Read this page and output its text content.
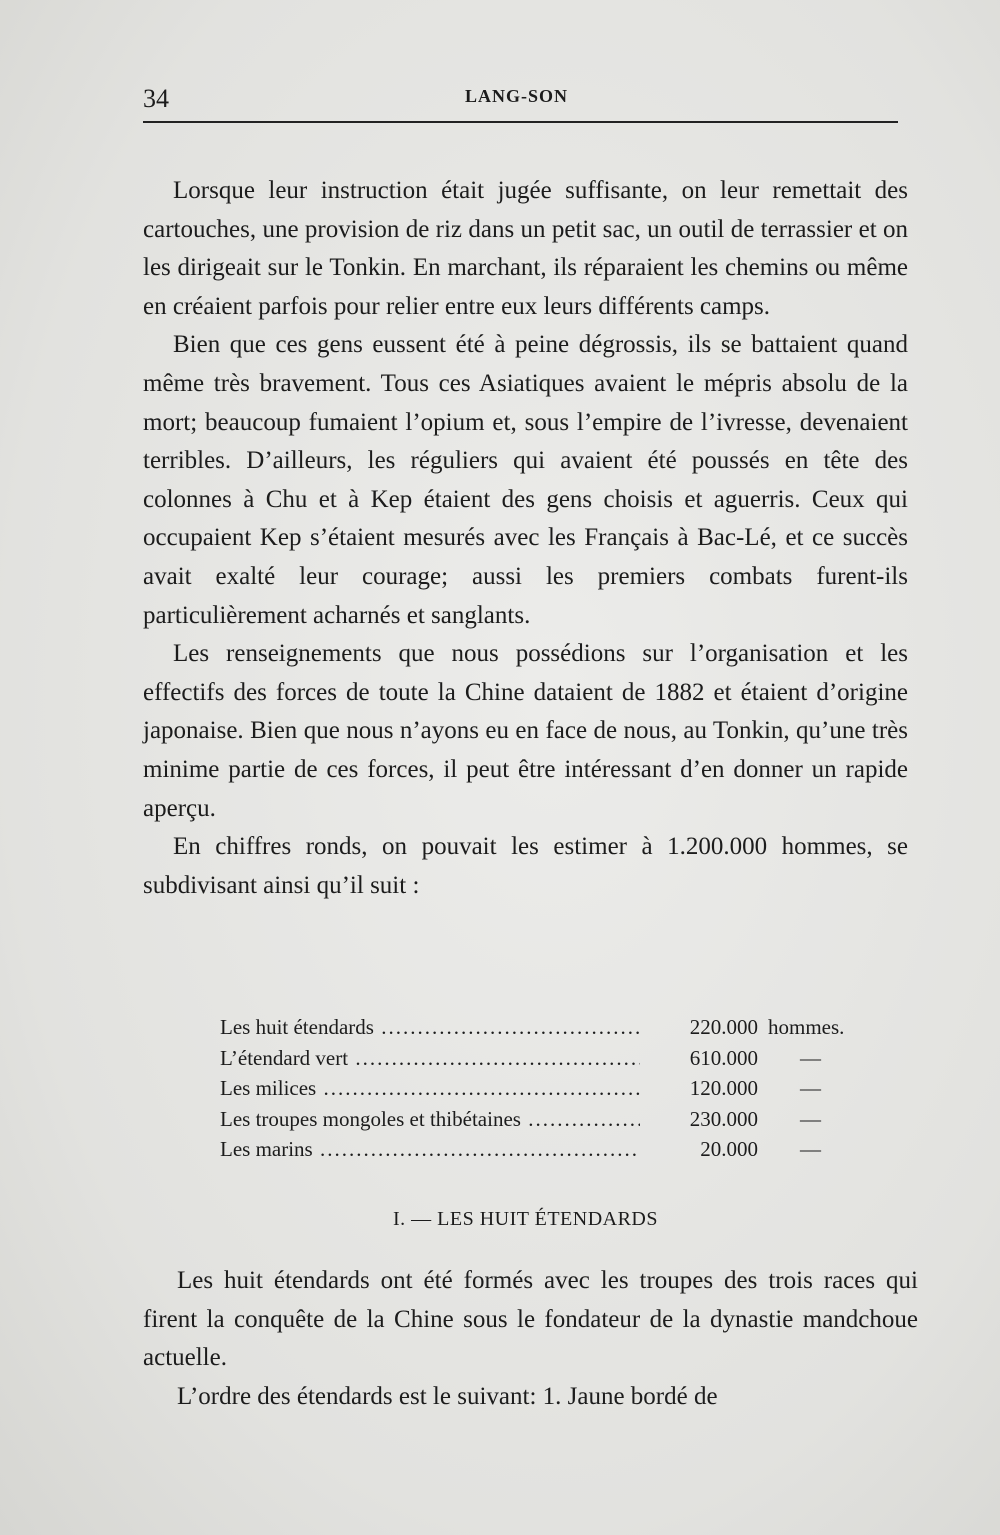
34	LANG-SON

Lorsque leur instruction était jugée suffisante, on leur remettait des cartouches, une provision de riz dans un petit sac, un outil de terrassier et on les dirigeait sur le Tonkin. En marchant, ils réparaient les chemins ou même en créaient parfois pour relier entre eux leurs différents camps.

Bien que ces gens eussent été à peine dégrossis, ils se battaient quand même très bravement. Tous ces Asiatiques avaient le mépris absolu de la mort; beaucoup fumaient l’opium et, sous l’empire de l’ivresse, devenaient terribles. D’ailleurs, les réguliers qui avaient été poussés en tête des colonnes à Chu et à Kep étaient des gens choisis et aguerris. Ceux qui occupaient Kep s’étaient mesurés avec les Français à Bac-Lé, et ce succès avait exalté leur courage; aussi les premiers combats furent-ils particulièrement acharnés et sanglants.

Les renseignements que nous possédions sur l’organisation et les effectifs des forces de toute la Chine dataient de 1882 et étaient d’origine japonaise. Bien que nous n’ayons eu en face de nous, au Tonkin, qu’une très minime partie de ces forces, il peut être intéressant d’en donner un rapide aperçu.

En chiffres ronds, on pouvait les estimer à 1.200.000 hommes, se subdivisant ainsi qu’il suit :

Les huit étendards .....	220.000 hommes.
L’étendard vert .....	610.000 —
Les milices .....	120.000 —
Les troupes mongoles et thibétaines .....	230.000 —
Les marins .....	20.000 —
I. — LES HUIT ÉTENDARDS

Les huit étendards ont été formés avec les troupes des trois races qui firent la conquête de la Chine sous le fondateur de la dynastie mandchoue actuelle.

L’ordre des étendards est le suivant: 1. Jaune bordé de
